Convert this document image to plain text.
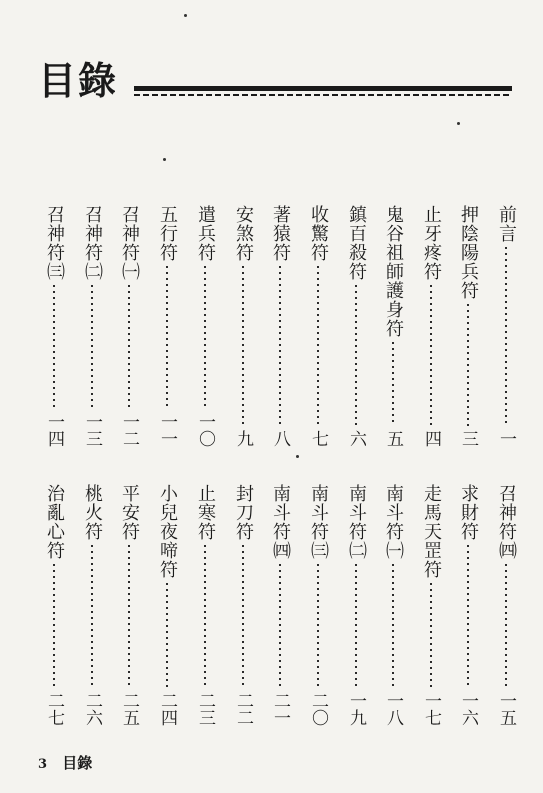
目錄
前言
一
押陰陽兵符
三
止牙疼符
四
鬼谷祖師護身符
五
鎮百殺符
六
收驚符
七
著猿符
八
安煞符
九
遣兵符
一〇
五行符
一一
召神符㈠
一二
召神符㈡
一三
召神符㈢
一四
召神符㈣
一五
求財符
一六
走馬天罡符
一七
南斗符㈠
一八
南斗符㈡
一九
南斗符㈢
二〇
南斗符㈣
二一
封刀符
二二
止寒符
二三
小兒夜啼符
二四
平安符
二五
桃火符
二六
治亂心符
二七
3 目錄
